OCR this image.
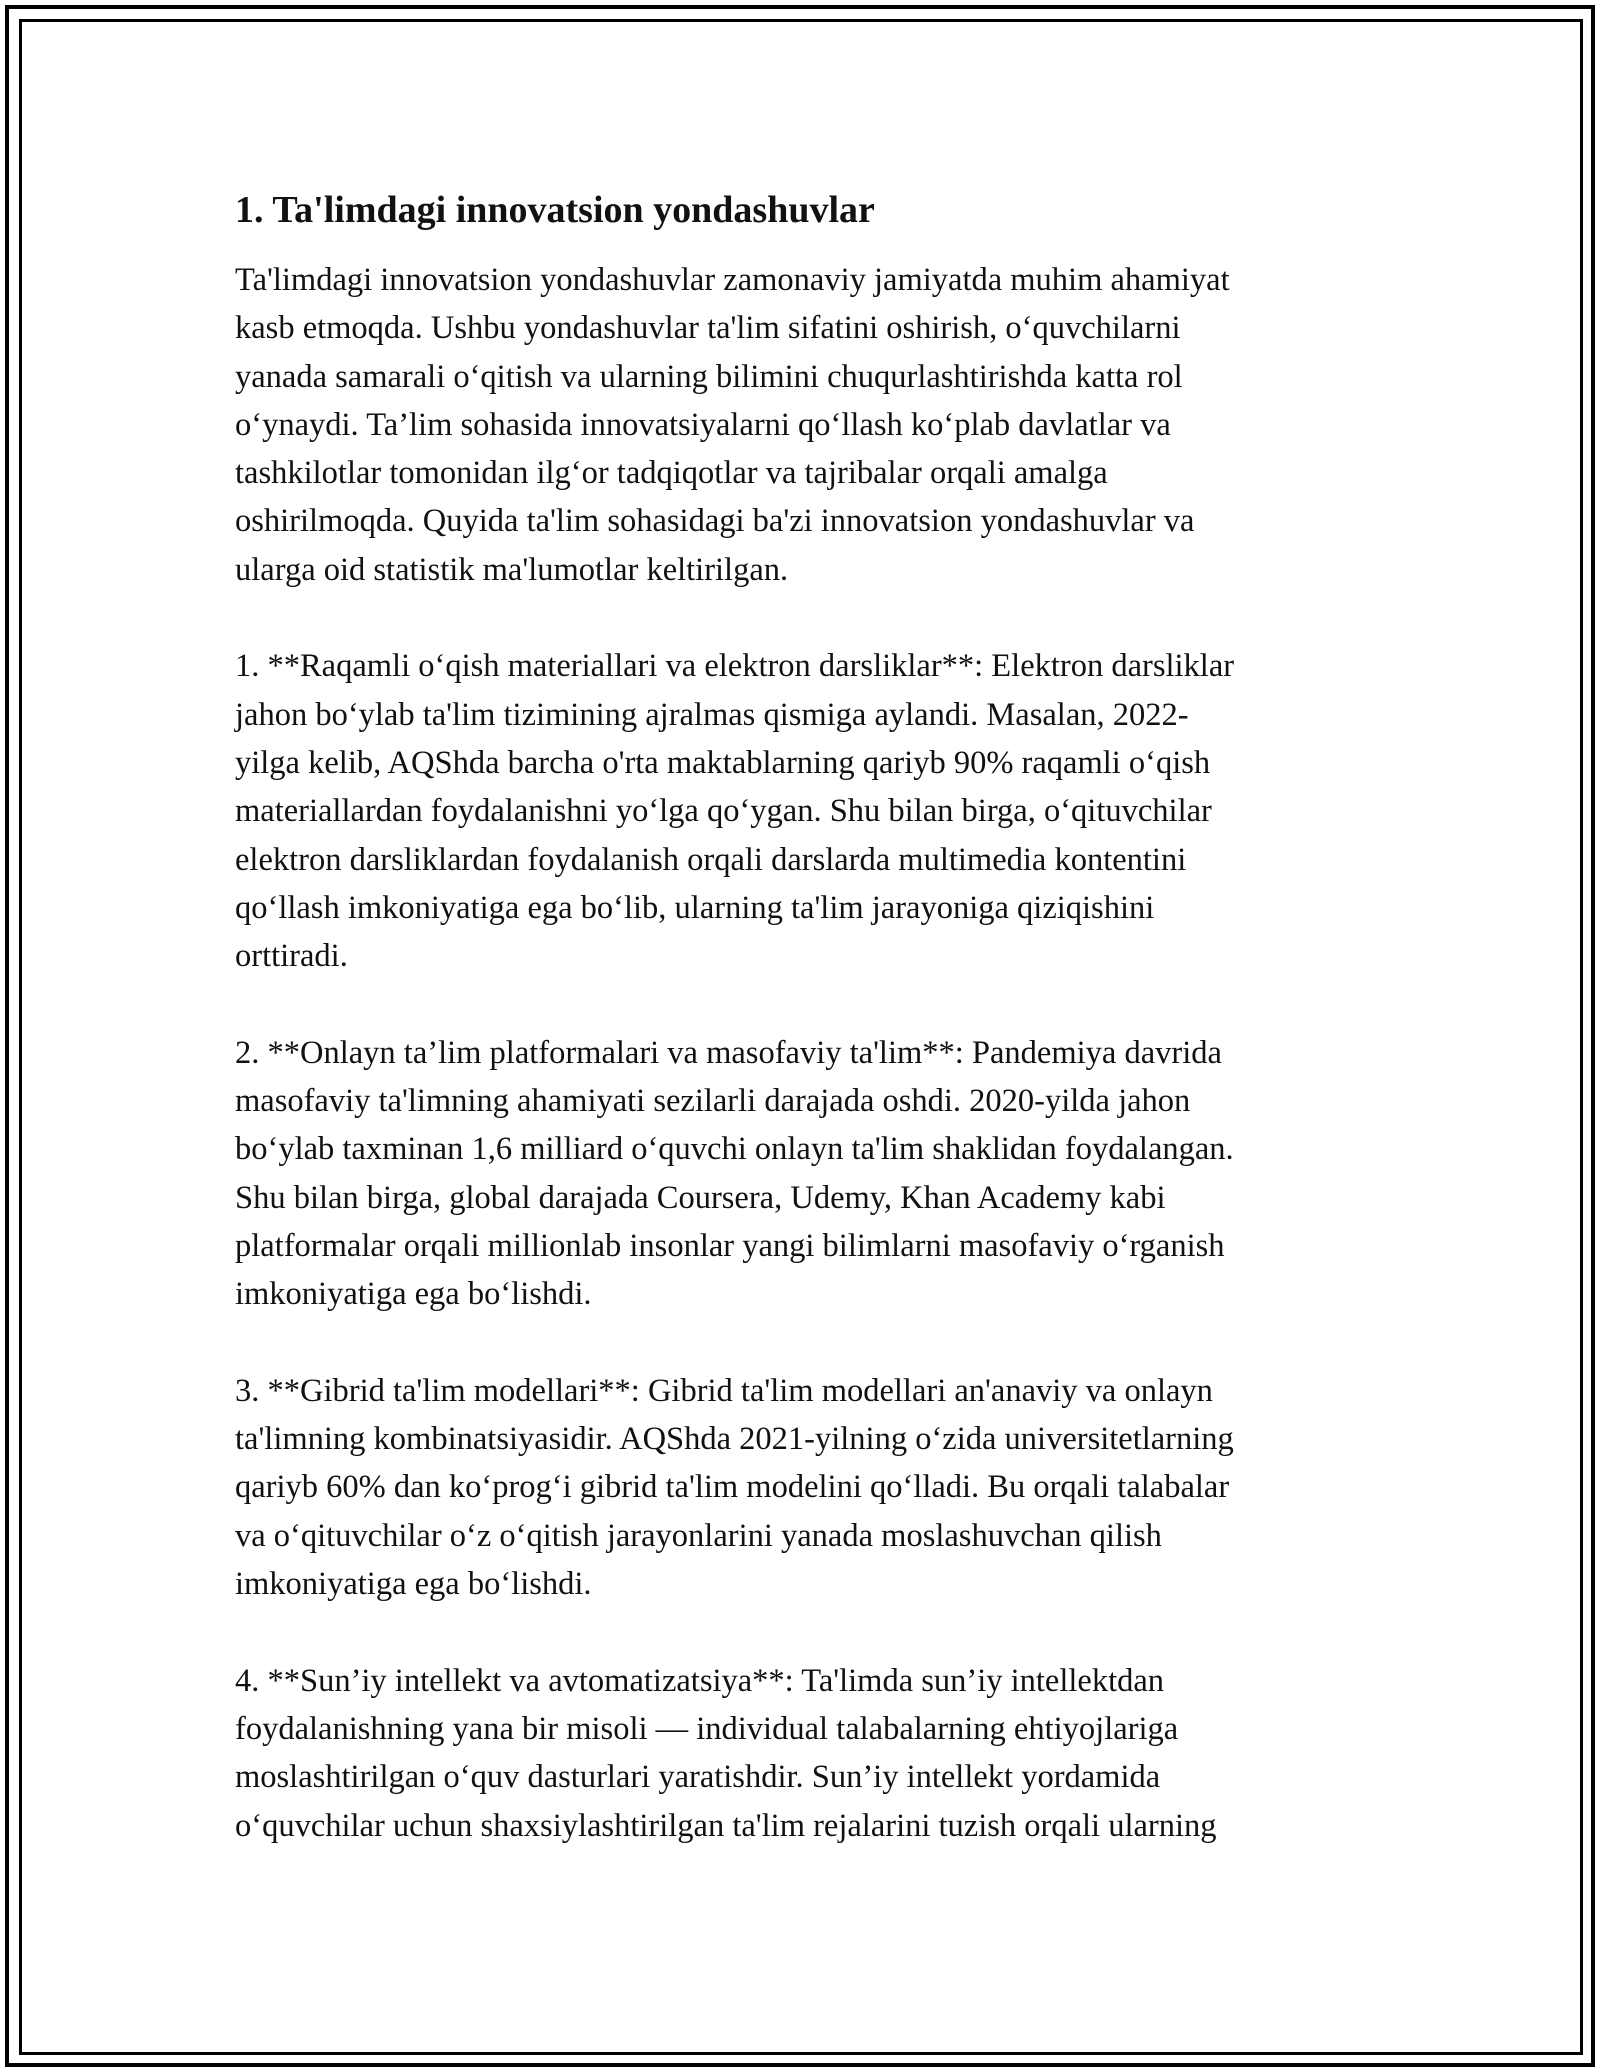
1. Ta'limdagi innovatsion yondashuvlar

Ta'limdagi innovatsion yondashuvlar zamonaviy jamiyatda muhim ahamiyat
kasb etmoqda. Ushbu yondashuvlar ta'lim sifatini oshirish, oʻquvchilarni
yanada samarali oʻqitish va ularning bilimini chuqurlashtirishda katta rol
oʻynaydi. Ta’lim sohasida innovatsiyalarni qoʻllash koʻplab davlatlar va
tashkilotlar tomonidan ilgʻor tadqiqotlar va tajribalar orqali amalga
oshirilmoqda. Quyida ta'lim sohasidagi ba'zi innovatsion yondashuvlar va
ularga oid statistik ma'lumotlar keltirilgan.

1. **Raqamli oʻqish materiallari va elektron darsliklar**: Elektron darsliklar
jahon boʻylab ta'lim tizimining ajralmas qismiga aylandi. Masalan, 2022-
yilga kelib, AQShda barcha o'rta maktablarning qariyb 90% raqamli oʻqish
materiallardan foydalanishni yoʻlga qoʻygan. Shu bilan birga, oʻqituvchilar
elektron darsliklardan foydalanish orqali darslarda multimedia kontentini
qoʻllash imkoniyatiga ega boʻlib, ularning ta'lim jarayoniga qiziqishini
orttiradi.

2. **Onlayn ta’lim platformalari va masofaviy ta'lim**: Pandemiya davrida
masofaviy ta'limning ahamiyati sezilarli darajada oshdi. 2020-yilda jahon
boʻylab taxminan 1,6 milliard oʻquvchi onlayn ta'lim shaklidan foydalangan.
Shu bilan birga, global darajada Coursera, Udemy, Khan Academy kabi
platformalar orqali millionlab insonlar yangi bilimlarni masofaviy oʻrganish
imkoniyatiga ega boʻlishdi.

3. **Gibrid ta'lim modellari**: Gibrid ta'lim modellari an'anaviy va onlayn
ta'limning kombinatsiyasidir. AQShda 2021-yilning oʻzida universitetlarning
qariyb 60% dan koʻprogʻi gibrid ta'lim modelini qoʻlladi. Bu orqali talabalar
va oʻqituvchilar oʻz oʻqitish jarayonlarini yanada moslashuvchan qilish
imkoniyatiga ega boʻlishdi.

4. **Sun’iy intellekt va avtomatizatsiya**: Ta'limda sun’iy intellektdan
foydalanishning yana bir misoli — individual talabalarning ehtiyojlariga
moslashtirilgan oʻquv dasturlari yaratishdir. Sun’iy intellekt yordamida
oʻquvchilar uchun shaxsiylashtirilgan ta'lim rejalarini tuzish orqali ularning
